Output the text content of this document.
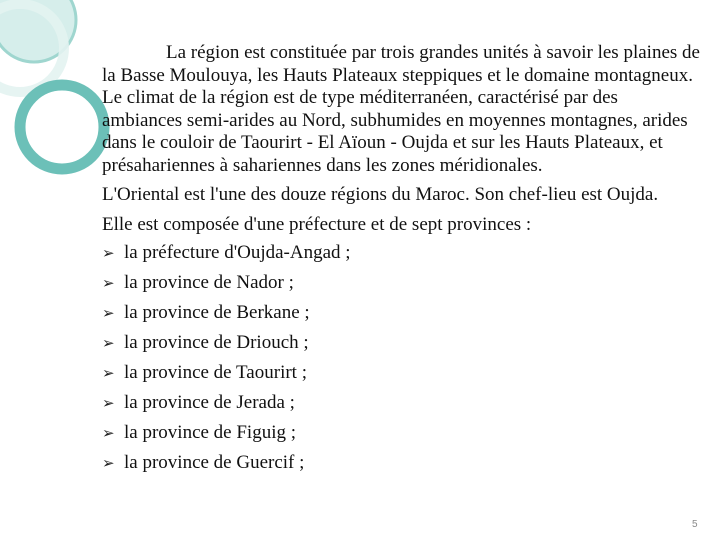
La région est constituée par trois grandes unités à savoir les plaines de la Basse Moulouya, les Hauts Plateaux steppiques et le domaine montagneux. Le climat de la région est de type méditerranéen, caractérisé par des ambiances semi-arides au Nord, subhumides en moyennes montagnes, arides dans le couloir de Taourirt - El Aïoun - Oujda et sur les Hauts Plateaux, et présahariennes à sahariennes dans les zones méridionales.

L'Oriental est l'une des douze régions du Maroc. Son chef-lieu est Oujda.

Elle est composée d'une préfecture et de sept provinces :

➢ la préfecture d'Oujda-Angad ;
➢ la province de Nador ;
➢ la province de Berkane ;
➢ la province de Driouch ;
➢ la province de Taourirt ;
➢ la province de Jerada ;
➢ la province de Figuig ;
➢ la province de Guercif ;
5
